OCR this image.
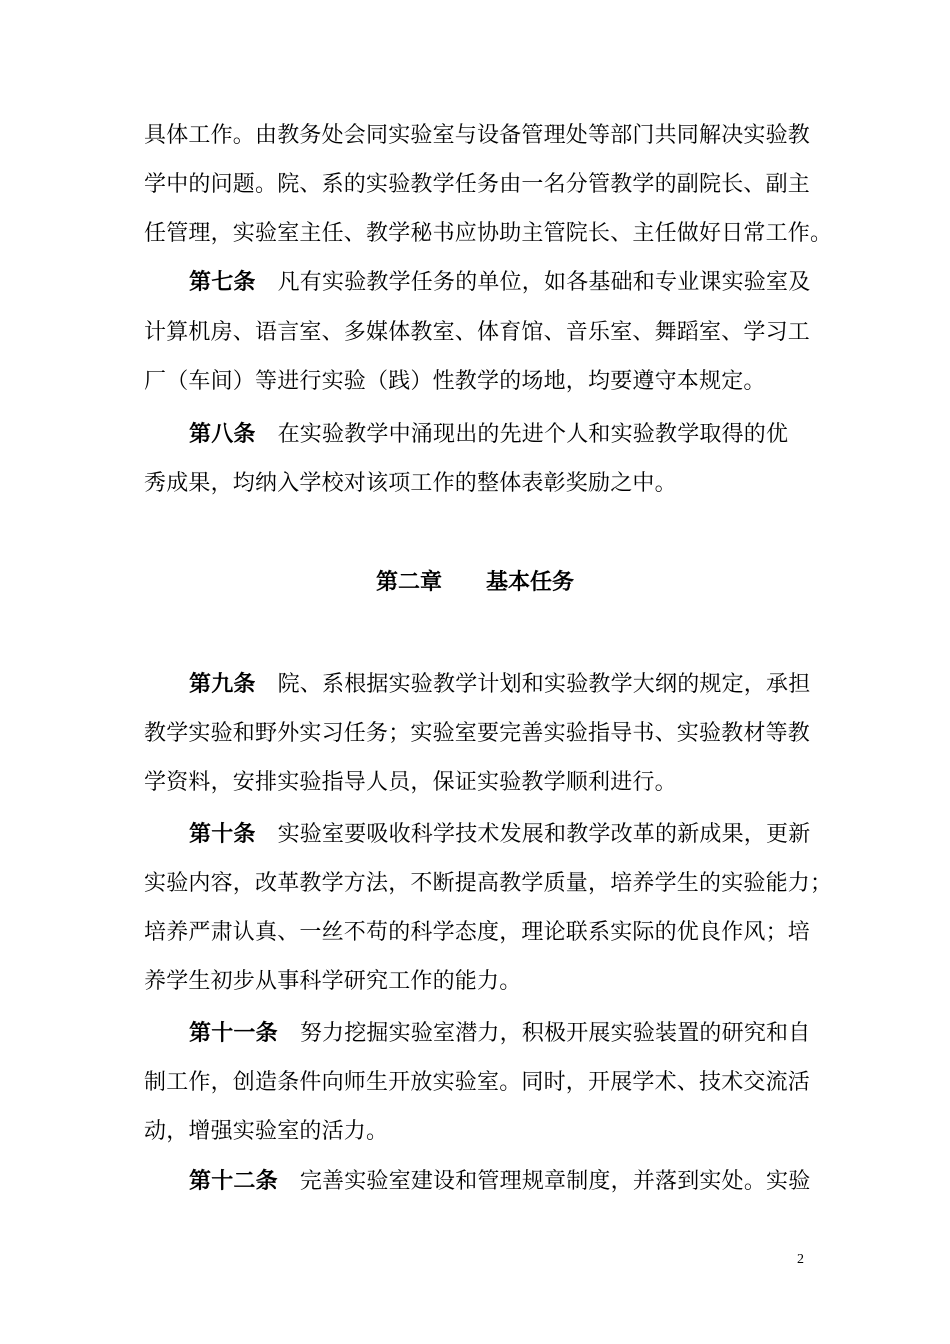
具体工作。由教务处会同实验室与设备管理处等部门共同解决实验教
学中的问题。院、系的实验教学任务由一名分管教学的副院长、副主
任管理，实验室主任、教学秘书应协助主管院长、主任做好日常工作。
第七条 凡有实验教学任务的单位，如各基础和专业课实验室及
计算机房、语言室、多媒体教室、体育馆、音乐室、舞蹈室、学习工
厂（车间）等进行实验（践）性教学的场地，均要遵守本规定。
第八条 在实验教学中涌现出的先进个人和实验教学取得的优
秀成果，均纳入学校对该项工作的整体表彰奖励之中。
第二章 基本任务
第九条 院、系根据实验教学计划和实验教学大纲的规定，承担
教学实验和野外实习任务；实验室要完善实验指导书、实验教材等教
学资料，安排实验指导人员，保证实验教学顺利进行。
第十条 实验室要吸收科学技术发展和教学改革的新成果，更新
实验内容，改革教学方法，不断提高教学质量，培养学生的实验能力；
培养严肃认真、一丝不苟的科学态度，理论联系实际的优良作风；培
养学生初步从事科学研究工作的能力。
第十一条 努力挖掘实验室潜力，积极开展实验装置的研究和自
制工作，创造条件向师生开放实验室。同时，开展学术、技术交流活
动，增强实验室的活力。
第十二条 完善实验室建设和管理规章制度，并落到实处。实验
2
